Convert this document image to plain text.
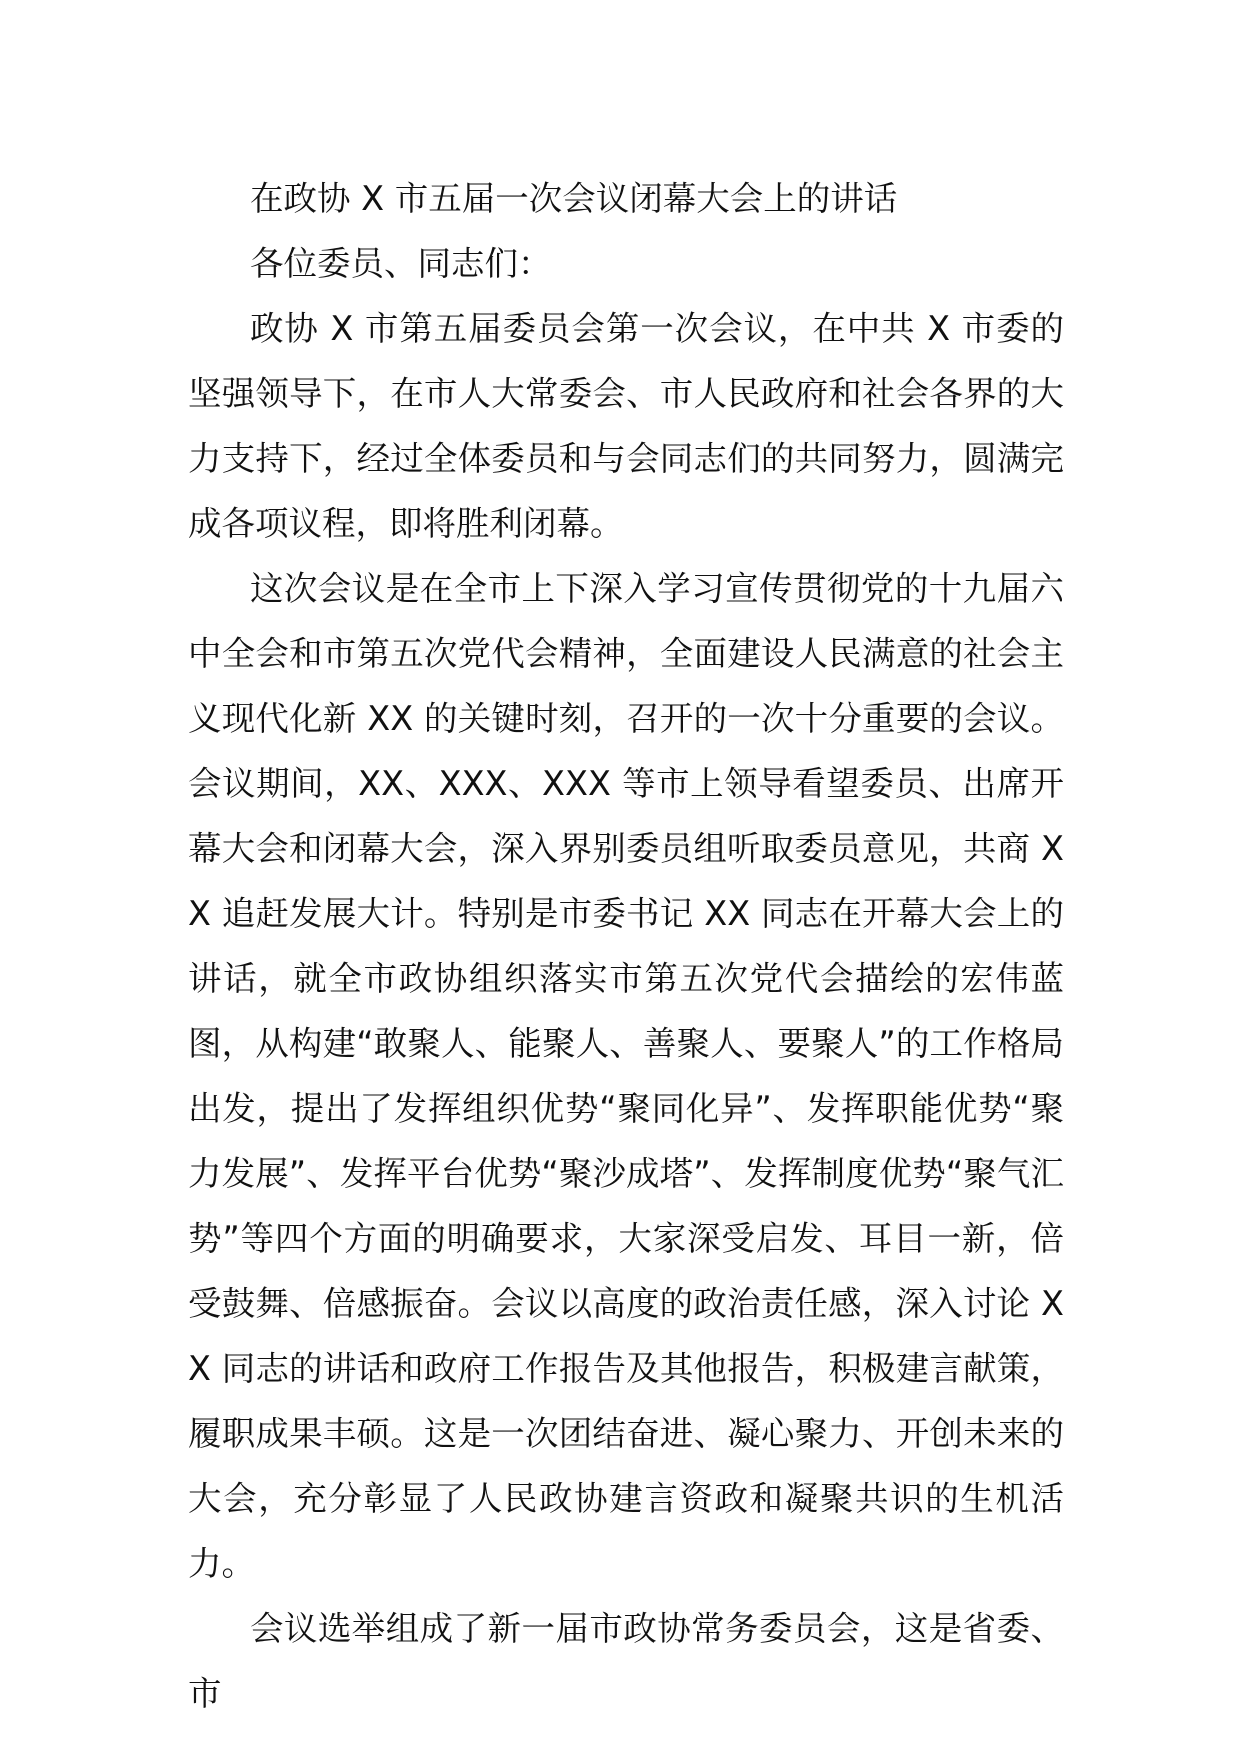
在政协 X 市五届一次会议闭幕大会上的讲话

各位委员、同志们：

政协 X 市第五届委员会第一次会议，在中共 X 市委的坚强领导下，在市人大常委会、市人民政府和社会各界的大力支持下，经过全体委员和与会同志们的共同努力，圆满完成各项议程，即将胜利闭幕。

这次会议是在全市上下深入学习宣传贯彻党的十九届六中全会和市第五次党代会精神，全面建设人民满意的社会主义现代化新 XX 的关键时刻，召开的一次十分重要的会议。会议期间，XX、XXX、XXX 等市上领导看望委员、出席开幕大会和闭幕大会，深入界别委员组听取委员意见，共商 XX 追赶发展大计。特别是市委书记 XX 同志在开幕大会上的讲话，就全市政协组织落实市第五次党代会描绘的宏伟蓝图，从构建“敢聚人、能聚人、善聚人、要聚人”的工作格局出发，提出了发挥组织优势“聚同化异”、发挥职能优势“聚力发展”、发挥平台优势“聚沙成塔”、发挥制度优势“聚气汇势”等四个方面的明确要求，大家深受启发、耳目一新，倍受鼓舞、倍感振奋。会议以高度的政治责任感，深入讨论 XX 同志的讲话和政府工作报告及其他报告，积极建言献策，履职成果丰硕。这是一次团结奋进、凝心聚力、开创未来的大会，充分彰显了人民政协建言资政和凝聚共识的生机活力。

会议选举组成了新一届市政协常务委员会，这是省委、市
